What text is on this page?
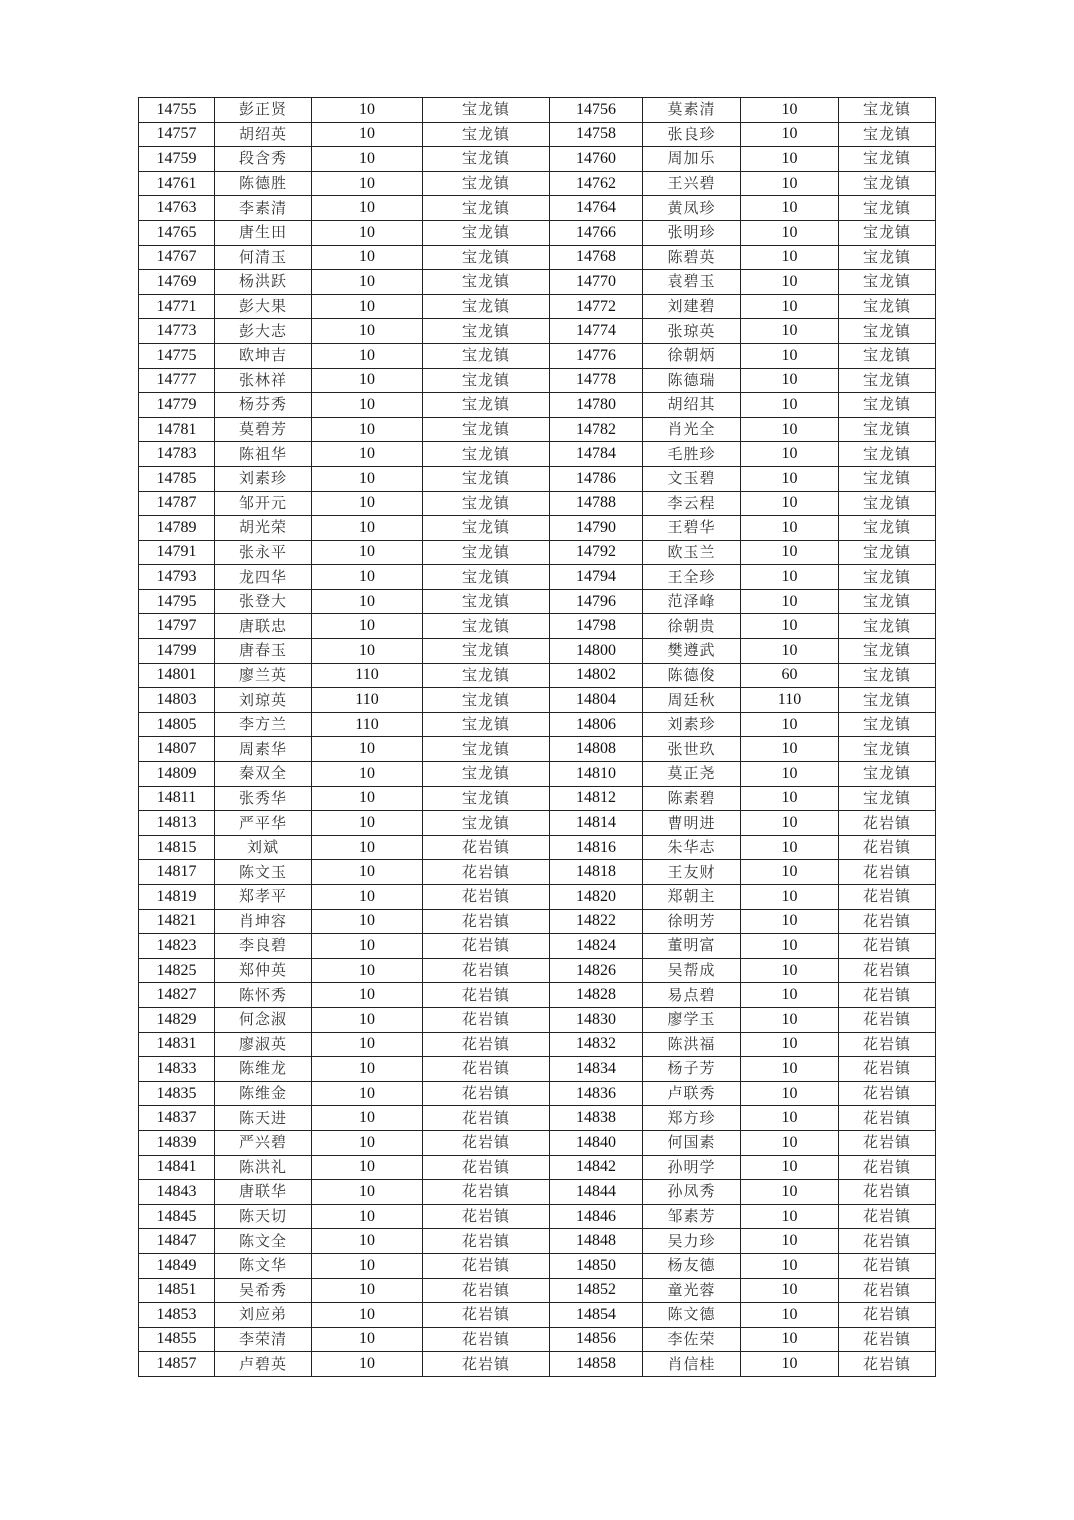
14755	彭正贤	10	宝龙镇	14756	莫素清	10	宝龙镇
14757	胡绍英	10	宝龙镇	14758	张良珍	10	宝龙镇
14759	段含秀	10	宝龙镇	14760	周加乐	10	宝龙镇
14761	陈德胜	10	宝龙镇	14762	王兴碧	10	宝龙镇
14763	李素清	10	宝龙镇	14764	黄凤珍	10	宝龙镇
14765	唐生田	10	宝龙镇	14766	张明珍	10	宝龙镇
14767	何清玉	10	宝龙镇	14768	陈碧英	10	宝龙镇
14769	杨洪跃	10	宝龙镇	14770	袁碧玉	10	宝龙镇
14771	彭大果	10	宝龙镇	14772	刘建碧	10	宝龙镇
14773	彭大志	10	宝龙镇	14774	张琼英	10	宝龙镇
14775	欧坤吉	10	宝龙镇	14776	徐朝炳	10	宝龙镇
14777	张林祥	10	宝龙镇	14778	陈德瑞	10	宝龙镇
14779	杨芬秀	10	宝龙镇	14780	胡绍其	10	宝龙镇
14781	莫碧芳	10	宝龙镇	14782	肖光全	10	宝龙镇
14783	陈祖华	10	宝龙镇	14784	毛胜珍	10	宝龙镇
14785	刘素珍	10	宝龙镇	14786	文玉碧	10	宝龙镇
14787	邹开元	10	宝龙镇	14788	李云程	10	宝龙镇
14789	胡光荣	10	宝龙镇	14790	王碧华	10	宝龙镇
14791	张永平	10	宝龙镇	14792	欧玉兰	10	宝龙镇
14793	龙四华	10	宝龙镇	14794	王全珍	10	宝龙镇
14795	张登大	10	宝龙镇	14796	范泽峰	10	宝龙镇
14797	唐联忠	10	宝龙镇	14798	徐朝贵	10	宝龙镇
14799	唐春玉	10	宝龙镇	14800	樊遵武	10	宝龙镇
14801	廖兰英	110	宝龙镇	14802	陈德俊	60	宝龙镇
14803	刘琼英	110	宝龙镇	14804	周廷秋	110	宝龙镇
14805	李方兰	110	宝龙镇	14806	刘素珍	10	宝龙镇
14807	周素华	10	宝龙镇	14808	张世玖	10	宝龙镇
14809	秦双全	10	宝龙镇	14810	莫正尧	10	宝龙镇
14811	张秀华	10	宝龙镇	14812	陈素碧	10	宝龙镇
14813	严平华	10	宝龙镇	14814	曹明进	10	花岩镇
14815	刘斌	10	花岩镇	14816	朱华志	10	花岩镇
14817	陈文玉	10	花岩镇	14818	王友财	10	花岩镇
14819	郑孝平	10	花岩镇	14820	郑朝主	10	花岩镇
14821	肖坤容	10	花岩镇	14822	徐明芳	10	花岩镇
14823	李良碧	10	花岩镇	14824	董明富	10	花岩镇
14825	郑仲英	10	花岩镇	14826	吴帮成	10	花岩镇
14827	陈怀秀	10	花岩镇	14828	易点碧	10	花岩镇
14829	何念淑	10	花岩镇	14830	廖学玉	10	花岩镇
14831	廖淑英	10	花岩镇	14832	陈洪福	10	花岩镇
14833	陈维龙	10	花岩镇	14834	杨子芳	10	花岩镇
14835	陈维金	10	花岩镇	14836	卢联秀	10	花岩镇
14837	陈天进	10	花岩镇	14838	郑方珍	10	花岩镇
14839	严兴碧	10	花岩镇	14840	何国素	10	花岩镇
14841	陈洪礼	10	花岩镇	14842	孙明学	10	花岩镇
14843	唐联华	10	花岩镇	14844	孙凤秀	10	花岩镇
14845	陈天切	10	花岩镇	14846	邹素芳	10	花岩镇
14847	陈文全	10	花岩镇	14848	吴力珍	10	花岩镇
14849	陈文华	10	花岩镇	14850	杨友德	10	花岩镇
14851	吴希秀	10	花岩镇	14852	童光蓉	10	花岩镇
14853	刘应弟	10	花岩镇	14854	陈文德	10	花岩镇
14855	李荣清	10	花岩镇	14856	李佐荣	10	花岩镇
14857	卢碧英	10	花岩镇	14858	肖信桂	10	花岩镇
